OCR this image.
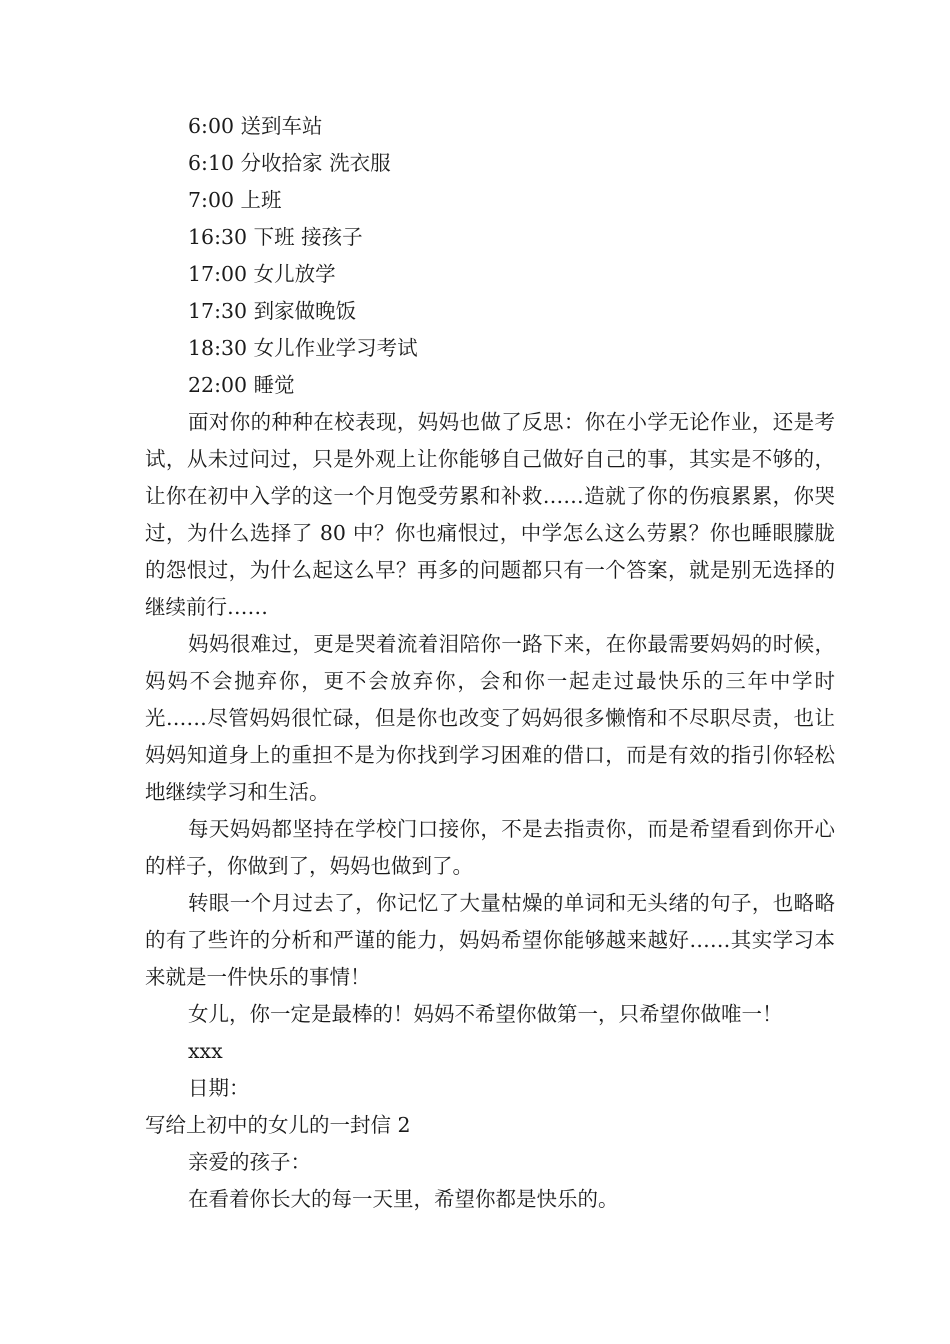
6:00 送到车站
6:10 分收拾家 洗衣服
7:00 上班
16:30 下班 接孩子
17:00 女儿放学
17:30 到家做晚饭
18:30 女儿作业学习考试
22:00 睡觉

面对你的种种在校表现，妈妈也做了反思：你在小学无论作业，还是考试，从未过问过，只是外观上让你能够自己做好自己的事，其实是不够的，让你在初中入学的这一个月饱受劳累和补救……造就了你的伤痕累累，你哭过，为什么选择了 80 中？你也痛恨过，中学怎么这么劳累？你也睡眼朦胧的怨恨过，为什么起这么早？再多的问题都只有一个答案，就是别无选择的继续前行……

妈妈很难过，更是哭着流着泪陪你一路下来，在你最需要妈妈的时候，妈妈不会抛弃你，更不会放弃你，会和你一起走过最快乐的三年中学时光……尽管妈妈很忙碌，但是你也改变了妈妈很多懒惰和不尽职尽责，也让妈妈知道身上的重担不是为你找到学习困难的借口，而是有效的指引你轻松地继续学习和生活。

每天妈妈都坚持在学校门口接你，不是去指责你，而是希望看到你开心的样子，你做到了，妈妈也做到了。

转眼一个月过去了，你记忆了大量枯燥的单词和无头绪的句子，也略略的有了些许的分析和严谨的能力，妈妈希望你能够越来越好……其实学习本来就是一件快乐的事情！

女儿，你一定是最棒的！妈妈不希望你做第一，只希望你做唯一！

xxx
日期：
写给上初中的女儿的一封信 2
亲爱的孩子：
在看着你长大的每一天里，希望你都是快乐的。
